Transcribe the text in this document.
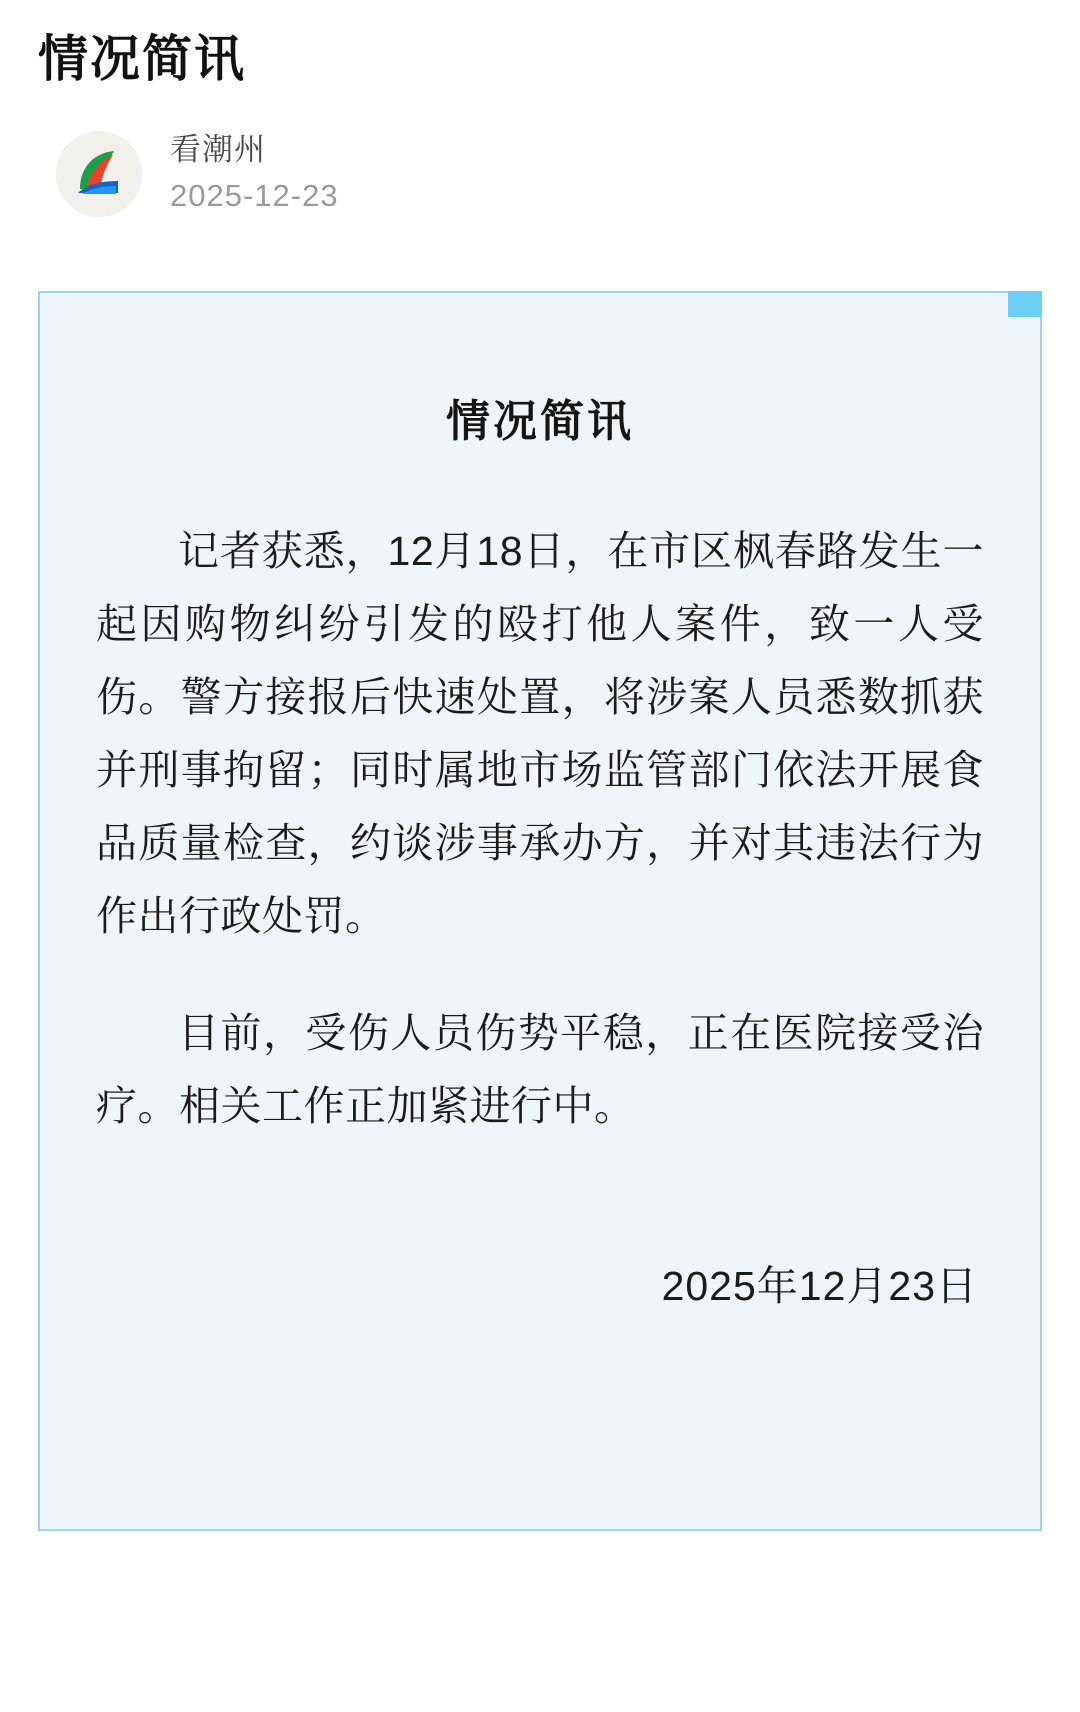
情况简讯
看潮州
2025-12-23
情况简讯

记者获悉，12月18日，在市区枫春路发生一起因购物纠纷引发的殴打他人案件，致一人受伤。警方接报后快速处置，将涉案人员悉数抓获并刑事拘留；同时属地市场监管部门依法开展食品质量检查，约谈涉事承办方，并对其违法行为作出行政处罚。

目前，受伤人员伤势平稳，正在医院接受治疗。相关工作正加紧进行中。

2025年12月23日
